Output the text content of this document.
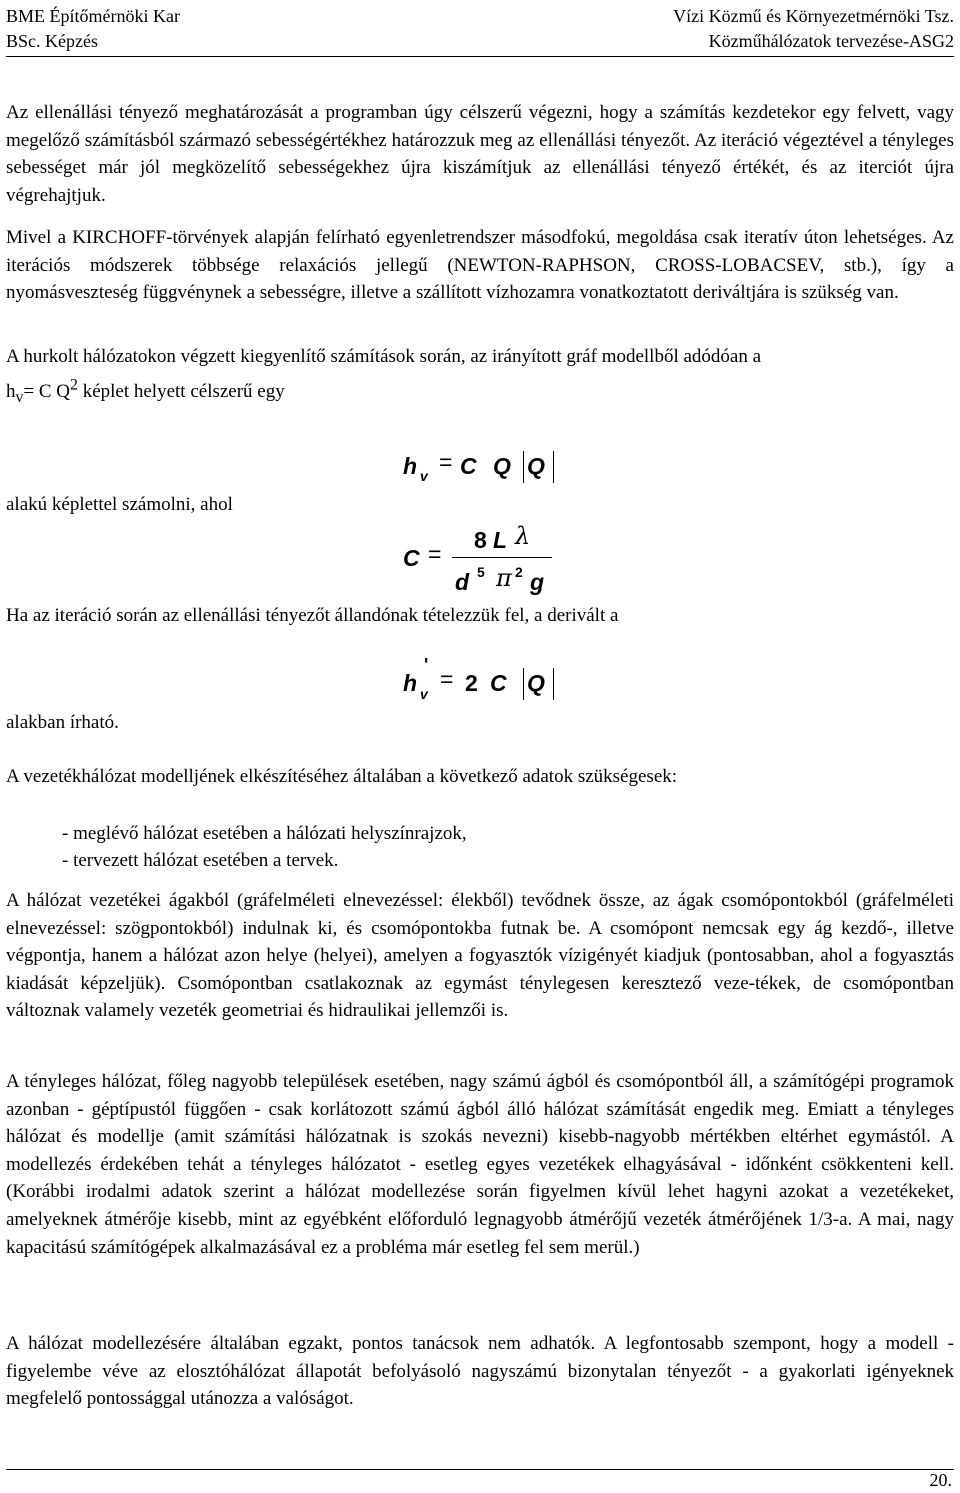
BME Építőmérnöki Kar	Vízi Közmű és Környezetmérnöki Tsz.
BSc. Képzés	Közműhálózatok tervezése-ASG2

Az ellenállási tényező meghatározását a programban úgy célszerű végezni, hogy a számítás kezdetekor egy felvett, vagy megelőző számításból származó sebességértékhez határozzuk meg az ellenállási tényezőt. Az iteráció végeztével a tényleges sebességet már jól megközelítő sebességekhez újra kiszámítjuk az ellenállási tényező értékét, és az iterciót újra végrehajtjuk.

Mivel a KIRCHOFF-törvények alapján felírható egyenletrendszer másodfokú, megoldása csak iteratív úton lehetséges. Az iterációs módszerek többsége relaxációs jellegű (NEWTON-RAPHSON, CROSS-LOBACSEV, stb.), így a nyomásveszteség függvénynek a sebességre, illetve a szállított vízhozamra vonatkoztatott deriváltjára is szükség van.

A hurkolt hálózatokon végzett kiegyenlítő számítások során, az irányított gráf modellből adódóan a
$h_v= C$ $Q^2$ képlet helyett célszerű egy
alakú képlettel számolni, ahol
h v
= C Q Q
C =
8 L λ
d 5 π 2 g
Ha az iteráció során az ellenállási tényezőt állandónak tételezzük fel, a derivált a
alakban írható.
h
'
v
= 2 C Q
A vezetékhálózat modelljének elkészítéséhez általában a következő adatok szükségesek:
- meglévő hálózat esetében a hálózati helyszínrajzok,
- tervezett hálózat esetében a tervek.

A hálózat vezetékei ágakból (gráfelméleti elnevezéssel: élekből) tevődnek össze, az ágak csomópontokból (gráfelméleti elnevezéssel: szögpontokból) indulnak ki, és csomópontokba futnak be. A csomópont nemcsak egy ág kezdő-, illetve végpontja, hanem a hálózat azon helye (helyei), amelyen a fogyasztók vízigényét kiadjuk (pontosabban, ahol a fogyasztás kiadását képzeljük). Csomópontban csatlakoznak az egymást ténylegesen keresztező veze-tékek, de csomópontban változnak valamely vezeték geometriai és hidraulikai jellemzői is.

A tényleges hálózat, főleg nagyobb települések esetében, nagy számú ágból és csomópontból áll, a számítógépi programok azonban - géptípustól függően - csak korlátozott számú ágból álló hálózat számítását engedik meg. Emiatt a tényleges hálózat és modellje (amit számítási hálózatnak is szokás nevezni) kisebb-nagyobb mértékben eltérhet egymástól. A modellezés érdekében tehát a tényleges hálózatot - esetleg egyes vezetékek elhagyásával - időnként csökkenteni kell. (Korábbi irodalmi adatok szerint a hálózat modellezése során figyelmen kívül lehet hagyni azokat a vezetékeket, amelyeknek átmérője kisebb, mint az egyébként előforduló legnagyobb átmérőjű vezeték átmérőjének 1/3-a. A mai, nagy kapacitású számítógépek alkalmazásával ez a probléma már esetleg fel sem merül.)

A hálózat modellezésére általában egzakt, pontos tanácsok nem adhatók. A legfontosabb szempont, hogy a modell - figyelembe véve az elosztóhálózat állapotát befolyásoló nagyszámú bizonytalan tényezőt - a gyakorlati igényeknek megfelelő pontossággal utánozza a valóságot.

20.
